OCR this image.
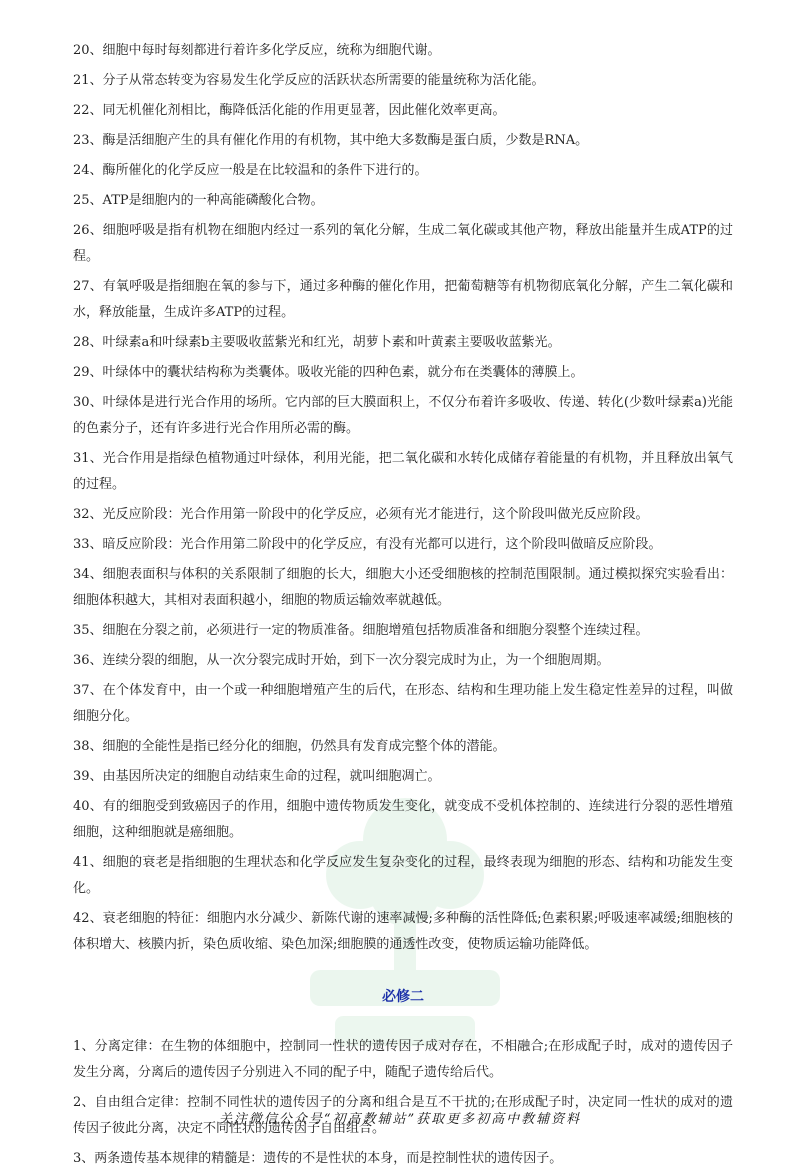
20、细胞中每时每刻都进行着许多化学反应，统称为细胞代谢。
21、分子从常态转变为容易发生化学反应的活跃状态所需要的能量统称为活化能。
22、同无机催化剂相比，酶降低活化能的作用更显著，因此催化效率更高。
23、酶是活细胞产生的具有催化作用的有机物，其中绝大多数酶是蛋白质，少数是RNA。
24、酶所催化的化学反应一般是在比较温和的条件下进行的。
25、ATP是细胞内的一种高能磷酸化合物。
26、细胞呼吸是指有机物在细胞内经过一系列的氧化分解，生成二氧化碳或其他产物，释放出能量并生成ATP的过程。
27、有氧呼吸是指细胞在氧的参与下，通过多种酶的催化作用，把葡萄糖等有机物彻底氧化分解，产生二氧化碳和水，释放能量，生成许多ATP的过程。
28、叶绿素a和叶绿素b主要吸收蓝紫光和红光，胡萝卜素和叶黄素主要吸收蓝紫光。
29、叶绿体中的囊状结构称为类囊体。吸收光能的四种色素，就分布在类囊体的薄膜上。
30、叶绿体是进行光合作用的场所。它内部的巨大膜面积上，不仅分布着许多吸收、传递、转化(少数叶绿素a)光能的色素分子，还有许多进行光合作用所必需的酶。
31、光合作用是指绿色植物通过叶绿体，利用光能，把二氧化碳和水转化成储存着能量的有机物，并且释放出氧气的过程。
32、光反应阶段：光合作用第一阶段中的化学反应，必须有光才能进行，这个阶段叫做光反应阶段。
33、暗反应阶段：光合作用第二阶段中的化学反应，有没有光都可以进行，这个阶段叫做暗反应阶段。
34、细胞表面积与体积的关系限制了细胞的长大，细胞大小还受细胞核的控制范围限制。通过模拟探究实验看出：细胞体积越大，其相对表面积越小，细胞的物质运输效率就越低。
35、细胞在分裂之前，必须进行一定的物质准备。细胞增殖包括物质准备和细胞分裂整个连续过程。
36、连续分裂的细胞，从一次分裂完成时开始，到下一次分裂完成时为止，为一个细胞周期。
37、在个体发育中，由一个或一种细胞增殖产生的后代，在形态、结构和生理功能上发生稳定性差异的过程，叫做细胞分化。
38、细胞的全能性是指已经分化的细胞，仍然具有发育成完整个体的潜能。
39、由基因所决定的细胞自动结束生命的过程，就叫细胞凋亡。
40、有的细胞受到致癌因子的作用，细胞中遗传物质发生变化，就变成不受机体控制的、连续进行分裂的恶性增殖细胞，这种细胞就是癌细胞。
41、细胞的衰老是指细胞的生理状态和化学反应发生复杂变化的过程，最终表现为细胞的形态、结构和功能发生变化。
42、衰老细胞的特征：细胞内水分减少、新陈代谢的速率减慢;多种酶的活性降低;色素积累;呼吸速率减缓;细胞核的体积增大、核膜内折，染色质收缩、染色加深;细胞膜的通透性改变，使物质运输功能降低。
必修二
1、分离定律：在生物的体细胞中，控制同一性状的遗传因子成对存在，不相融合;在形成配子时，成对的遗传因子发生分离，分离后的遗传因子分别进入不同的配子中，随配子遗传给后代。
2、自由组合定律：控制不同性状的遗传因子的分离和组合是互不干扰的;在形成配子时，决定同一性状的成对的遗传因子彼此分离，决定不同性状的遗传因子自由组合。
3、两条遗传基本规律的精髓是：遗传的不是性状的本身，而是控制性状的遗传因子。
关注微信公众号“初高教辅站”获取更多初高中教辅资料
